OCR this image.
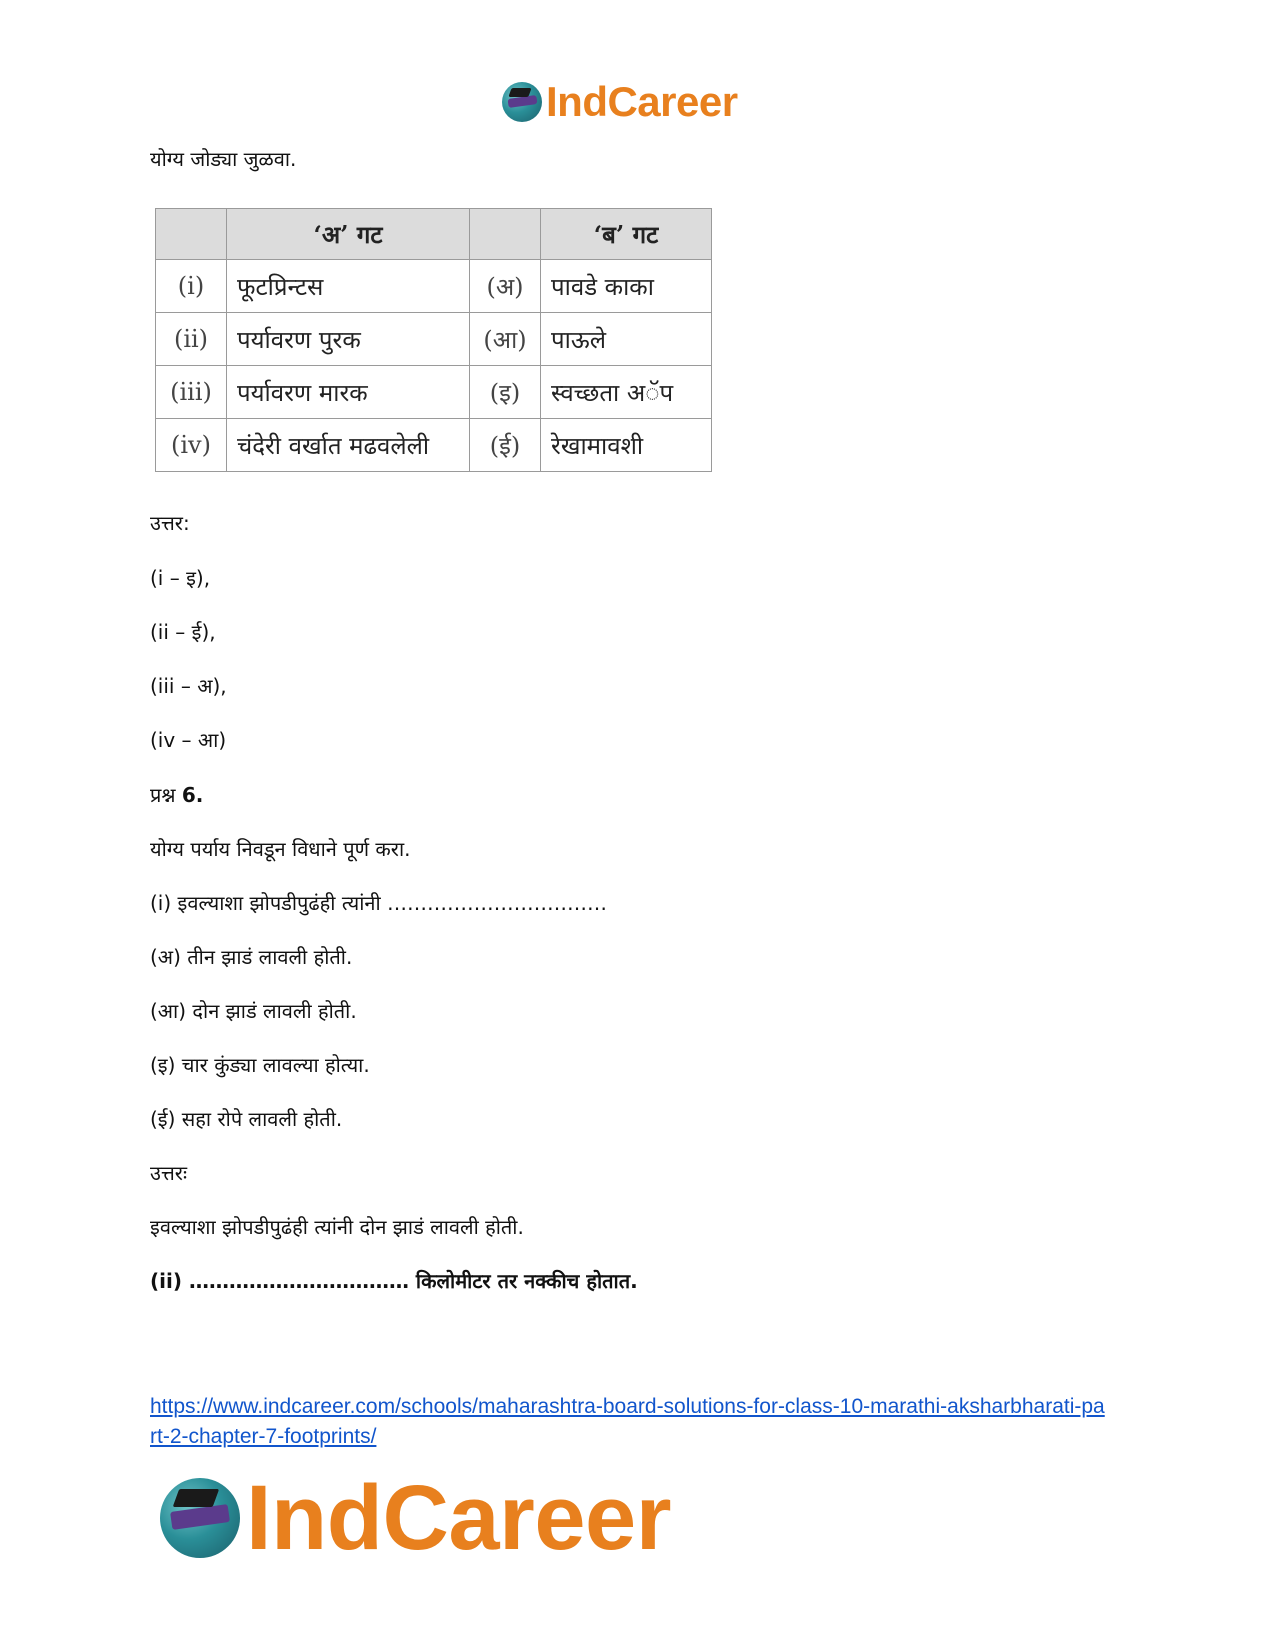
IndCareer
योग्य जोड्या जुळवा.
	‘अ’ गट		‘ब’ गट
(i)	फूटप्रिन्टस	(अ)	पावडे काका
(ii)	पर्यावरण पुरक	(आ)	पाऊले
(iii)	पर्यावरण मारक	(इ)	स्वच्छता अॅप
(iv)	चंदेरी वर्खात मढवलेली	(ई)	रेखामावशी
उत्तर:
(i – इ),
(ii – ई),
(iii – अ),
(iv – आ)
प्रश्न 6.
योग्य पर्याय निवडून विधाने पूर्ण करा.
(i) इवल्याशा झोपडीपुढंही त्यांनी ……………………………
(अ) तीन झाडं लावली होती.
(आ) दोन झाडं लावली होती.
(इ) चार कुंड्या लावल्या होत्या.
(ई) सहा रोपे लावली होती.
उत्तरः
इवल्याशा झोपडीपुढंही त्यांनी दोन झाडं लावली होती.
(ii) …………………………… किलोमीटर तर नक्कीच होतात.
https://www.indcareer.com/schools/maharashtra-board-solutions-for-class-10-marathi-aksharbharati-part-2-chapter-7-footprints/
IndCareer
